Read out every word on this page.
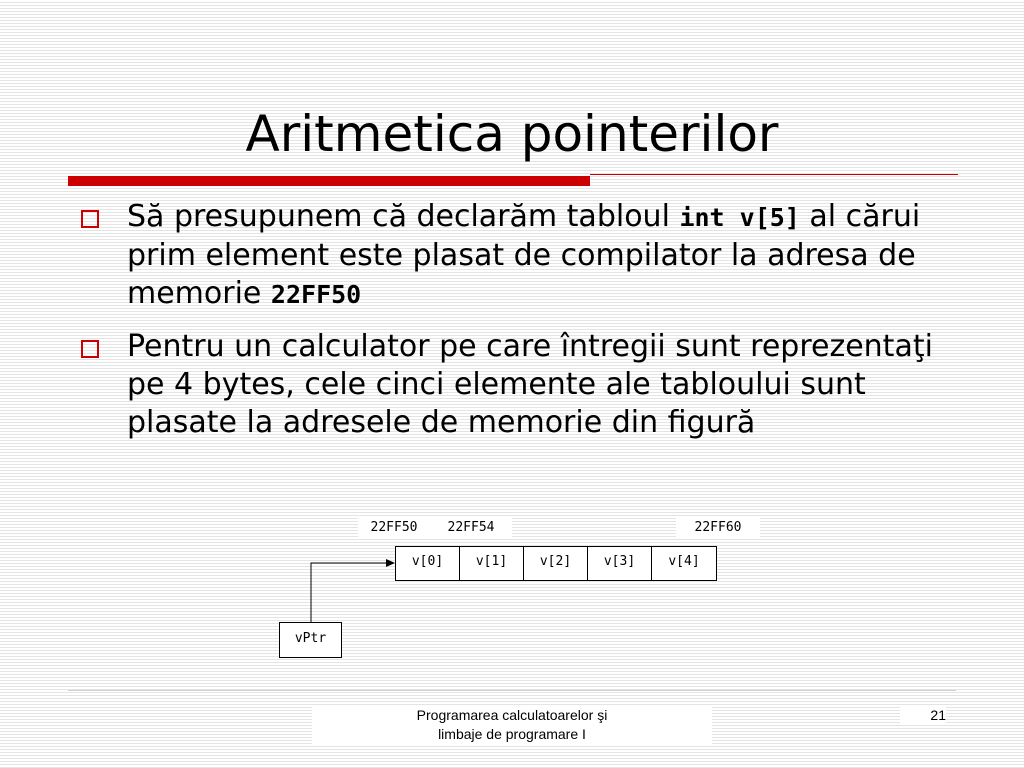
Aritmetica pointerilor
Să presupunem că declarăm tabloul int v[5] al cărui prim element este plasat de compilator la adresa de memorie 22FF50
Pentru un calculator pe care întregii sunt reprezentaţi pe 4 bytes, cele cinci elemente ale tabloului sunt plasate la adresele de memorie din figură
22FF50	22FF54	22FF60
v[0]	v[1]	v[2]	v[3]	v[4]
vPtr
Programarea calculatoarelor şi
limbaje de programare I
21
